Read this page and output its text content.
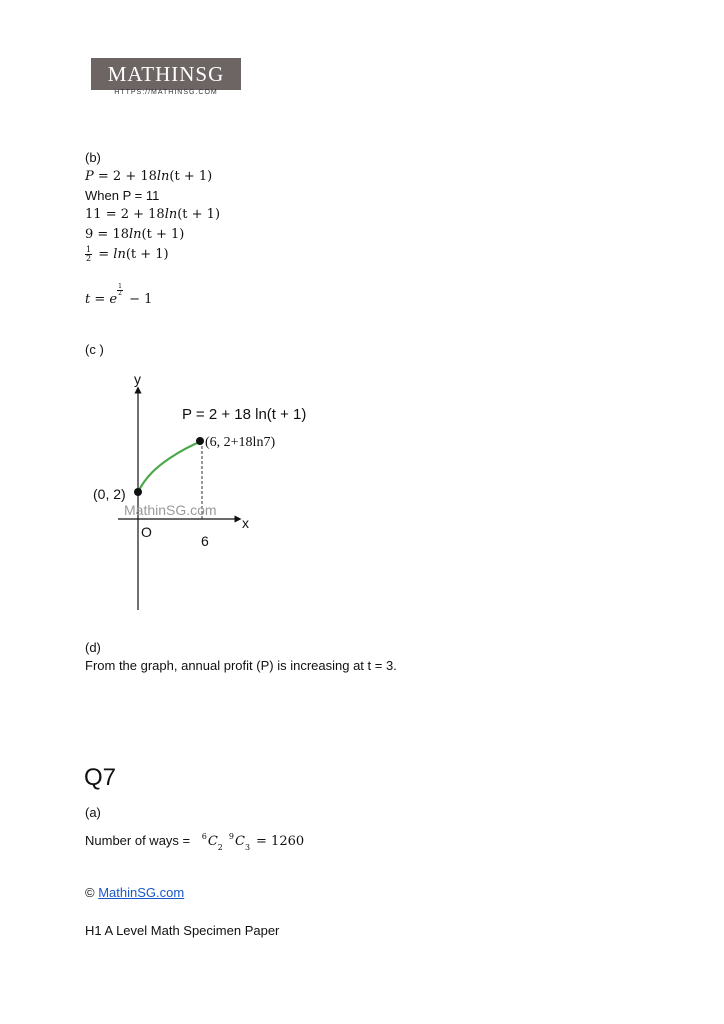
MATHINSG
HTTPS://MATHINSG.COM
(b)
P = 2 + 18ln(t + 1)
When P = 11
11 = 2 + 18ln(t + 1)
9 = 18ln(t + 1)
$\frac{1}{2} = \ln(t + 1)$
t = e
$\frac{1}{2}$
− 1
(c )
y
x
O
P = 2 + 18 ln(t + 1)
(0, 2)
(6, 2+18ln7)
6
MathinSG.com
(d)
From the graph, annual profit (P) is increasing at t = 3.
Q7
(a)
Number of ways = $^6C_2^9C_3 = 1260$
© MathinSG.com
H1 A Level Math Specimen Paper
